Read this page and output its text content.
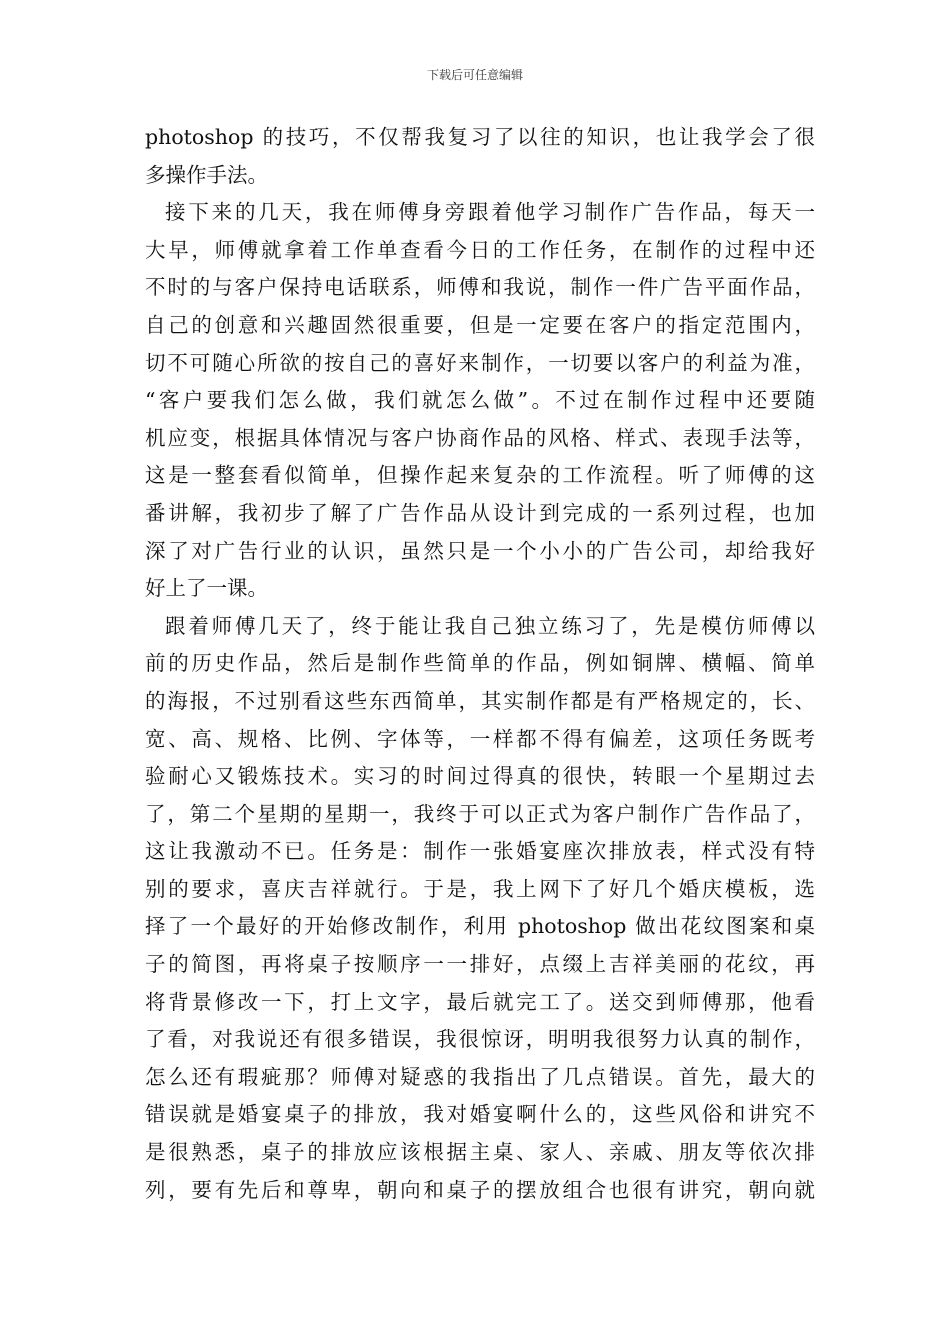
下载后可任意编辑
photoshop 的技巧，不仅帮我复习了以往的知识，也让我学会了很
多操作手法。
接下来的几天，我在师傅身旁跟着他学习制作广告作品，每天一
大早，师傅就拿着工作单查看今日的工作任务，在制作的过程中还
不时的与客户保持电话联系，师傅和我说，制作一件广告平面作品，
自己的创意和兴趣固然很重要，但是一定要在客户的指定范围内，
切不可随心所欲的按自己的喜好来制作，一切要以客户的利益为准，
“客户要我们怎么做，我们就怎么做”。不过在制作过程中还要随
机应变，根据具体情况与客户协商作品的风格、样式、表现手法等，
这是一整套看似简单，但操作起来复杂的工作流程。听了师傅的这
番讲解，我初步了解了广告作品从设计到完成的一系列过程，也加
深了对广告行业的认识，虽然只是一个小小的广告公司，却给我好
好上了一课。
跟着师傅几天了，终于能让我自己独立练习了，先是模仿师傅以
前的历史作品，然后是制作些简单的作品，例如铜牌、横幅、简单
的海报，不过别看这些东西简单，其实制作都是有严格规定的，长、
宽、高、规格、比例、字体等，一样都不得有偏差，这项任务既考
验耐心又锻炼技术。实习的时间过得真的很快，转眼一个星期过去
了，第二个星期的星期一，我终于可以正式为客户制作广告作品了，
这让我激动不已。任务是：制作一张婚宴座次排放表，样式没有特
别的要求，喜庆吉祥就行。于是，我上网下了好几个婚庆模板，选
择了一个最好的开始修改制作，利用 photoshop 做出花纹图案和桌
子的简图，再将桌子按顺序一一排好，点缀上吉祥美丽的花纹，再
将背景修改一下，打上文字，最后就完工了。送交到师傅那，他看
了看，对我说还有很多错误，我很惊讶，明明我很努力认真的制作，
怎么还有瑕疵那？师傅对疑惑的我指出了几点错误。首先，最大的
错误就是婚宴桌子的排放，我对婚宴啊什么的，这些风俗和讲究不
是很熟悉，桌子的排放应该根据主桌、家人、亲戚、朋友等依次排
列，要有先后和尊卑，朝向和桌子的摆放组合也很有讲究，朝向就
